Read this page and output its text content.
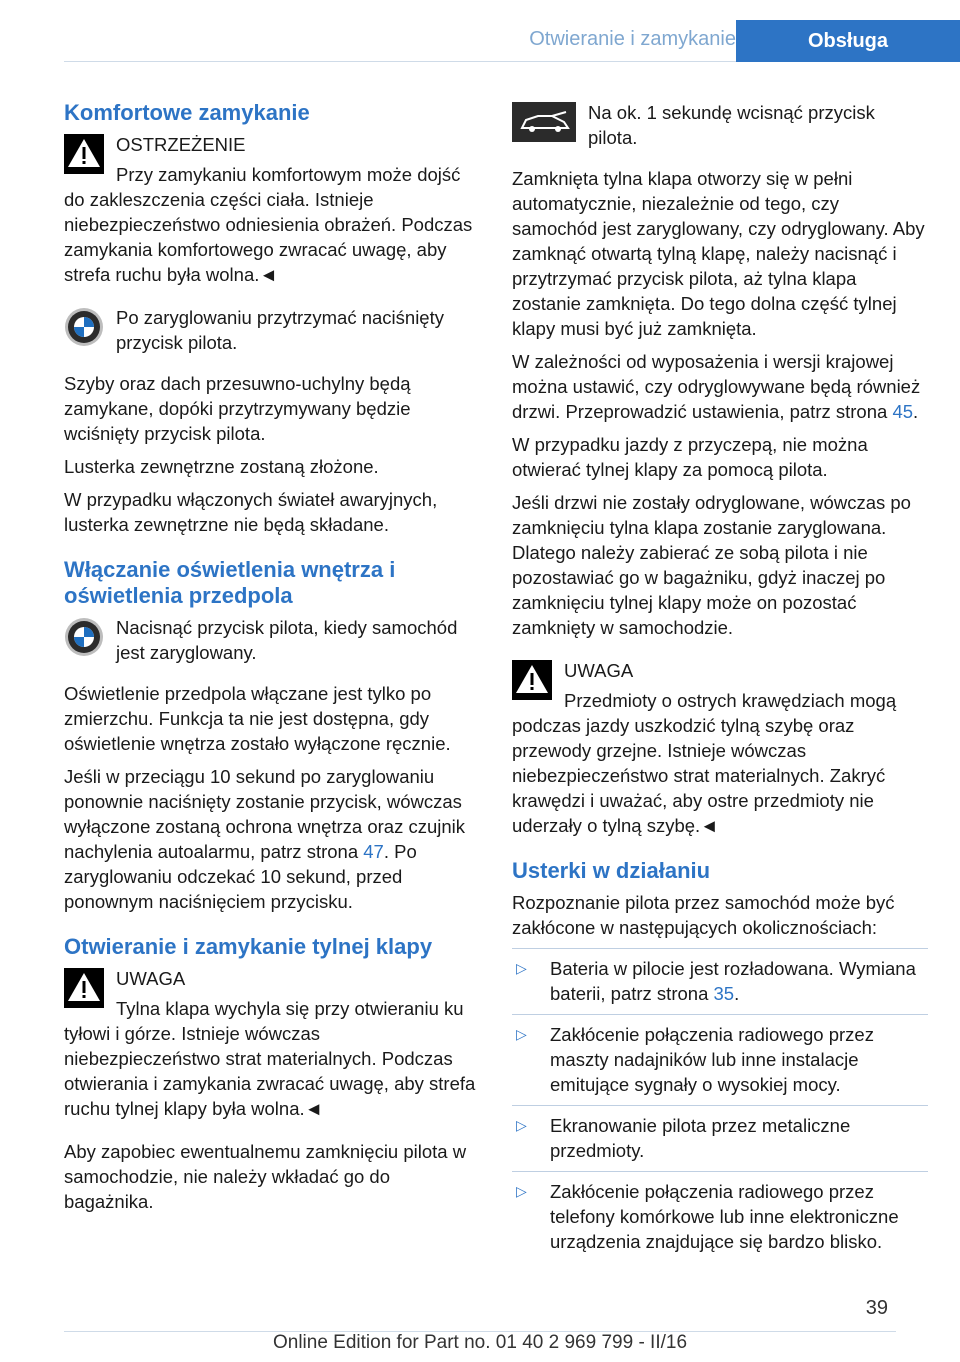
Otwieranie i zamykanie	Obsługa
Komfortowe zamykanie
OSTRZEŻENIE

Przy zamykaniu komfortowym może dojść do zakleszczenia części ciała. Istnieje niebezpieczeństwo odniesienia obrażeń. Podczas zamykania komfortowego zwracać uwagę, aby strefa ruchu była wolna.◄

Po zaryglowaniu przytrzymać naciśnięty przycisk pilota.

Szyby oraz dach przesuwno-uchylny będą zamykane, dopóki przytrzymywany będzie wciśnięty przycisk pilota.

Lusterka zewnętrzne zostaną złożone.

W przypadku włączonych świateł awaryjnych, lusterka zewnętrzne nie będą składane.

Włączanie oświetlenia wnętrza i oświetlenia przedpola
Nacisnąć przycisk pilota, kiedy samochód jest zaryglowany.

Oświetlenie przedpola włączane jest tylko po zmierzchu. Funkcja ta nie jest dostępna, gdy oświetlenie wnętrza zostało wyłączone ręcznie.

Jeśli w przeciągu 10 sekund po zaryglowaniu ponownie naciśnięty zostanie przycisk, wówczas wyłączone zostaną ochrona wnętrza oraz czujnik nachylenia autoalarmu, patrz strona 47. Po zaryglowaniu odczekać 10 sekund, przed ponownym naciśnięciem przycisku.

Otwieranie i zamykanie tylnej klapy
UWAGA

Tylna klapa wychyla się przy otwieraniu ku tyłowi i górze. Istnieje wówczas niebezpieczeństwo strat materialnych. Podczas otwierania i zamykania zwracać uwagę, aby strefa ruchu tylnej klapy była wolna.◄

Aby zapobiec ewentualnemu zamknięciu pilota w samochodzie, nie należy wkładać go do bagażnika.

Na ok. 1 sekundę wcisnąć przycisk pilota.

Zamknięta tylna klapa otworzy się w pełni automatycznie, niezależnie od tego, czy samochód jest zaryglowany, czy odryglowany. Aby zamknąć otwartą tylną klapę, należy nacisnąć i przytrzymać przycisk pilota, aż tylna klapa zostanie zamknięta. Do tego dolna część tylnej klapy musi być już zamknięta.

W zależności od wyposażenia i wersji krajowej można ustawić, czy odryglowywane będą również drzwi. Przeprowadzić ustawienia, patrz strona 45.

W przypadku jazdy z przyczepą, nie można otwierać tylnej klapy za pomocą pilota.

Jeśli drzwi nie zostały odryglowane, wówczas po zamknięciu tylna klapa zostanie zaryglowana. Dlatego należy zabierać ze sobą pilota i nie pozostawiać go w bagażniku, gdyż inaczej po zamknięciu tylnej klapy może on pozostać zamknięty w samochodzie.

UWAGA

Przedmioty o ostrych krawędziach mogą podczas jazdy uszkodzić tylną szybę oraz przewody grzejne. Istnieje wówczas niebezpieczeństwo strat materialnych. Zakryć krawędzi i uważać, aby ostre przedmioty nie uderzały o tylną szybę.◄

Usterki w działaniu

Rozpoznanie pilota przez samochód może być zakłócone w następujących okolicznościach:

▷	Bateria w pilocie jest rozładowana. Wymiana baterii, patrz strona 35.
▷	Zakłócenie połączenia radiowego przez maszty nadajników lub inne instalacje emitujące sygnały o wysokiej mocy.
▷	Ekranowanie pilota przez metaliczne przedmioty.
▷	Zakłócenie połączenia radiowego przez telefony komórkowe lub inne elektroniczne urządzenia znajdujące się bardzo blisko.
39
Online Edition for Part no. 01 40 2 969 799 - II/16
